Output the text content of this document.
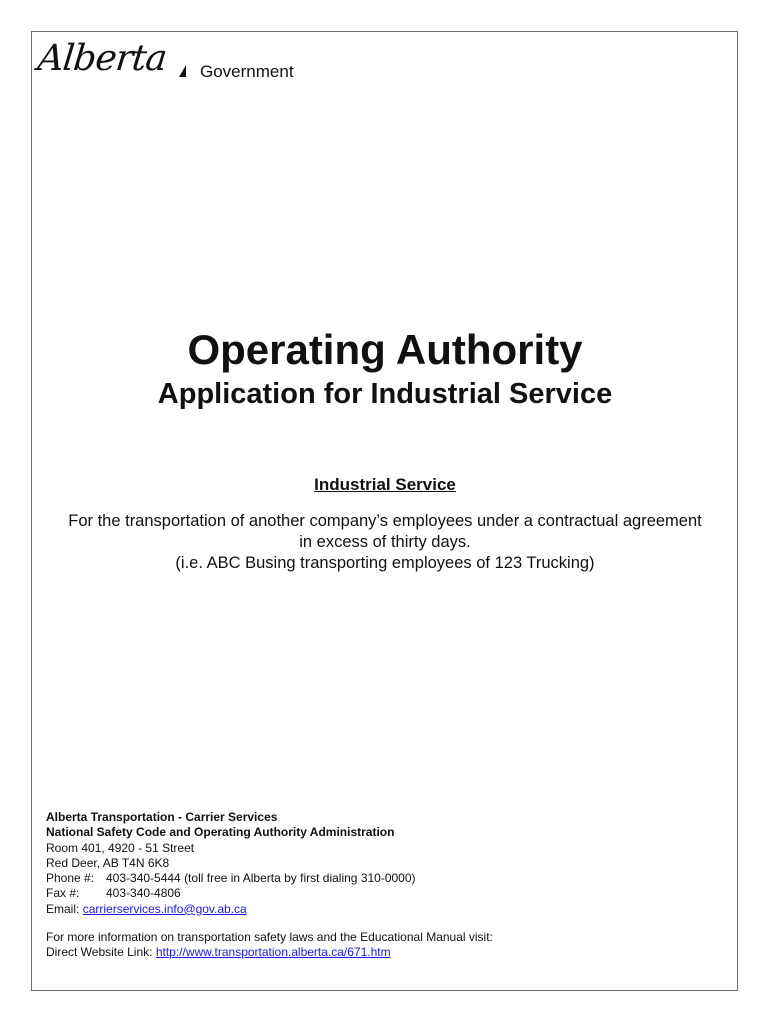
Alberta Government
Operating Authority
Application for Industrial Service
Industrial Service
For the transportation of another company’s employees under a contractual agreement
in excess of thirty days.
(i.e. ABC Busing transporting employees of 123 Trucking)
Alberta Transportation - Carrier Services
National Safety Code and Operating Authority Administration
Room 401, 4920 - 51 Street
Red Deer, AB T4N 6K8
Phone #: 403-340-5444 (toll free in Alberta by first dialing 310-0000)
Fax #: 403-340-4806
Email: carrierservices.info@gov.ab.ca
For more information on transportation safety laws and the Educational Manual visit:
Direct Website Link: http://www.transportation.alberta.ca/671.htm
